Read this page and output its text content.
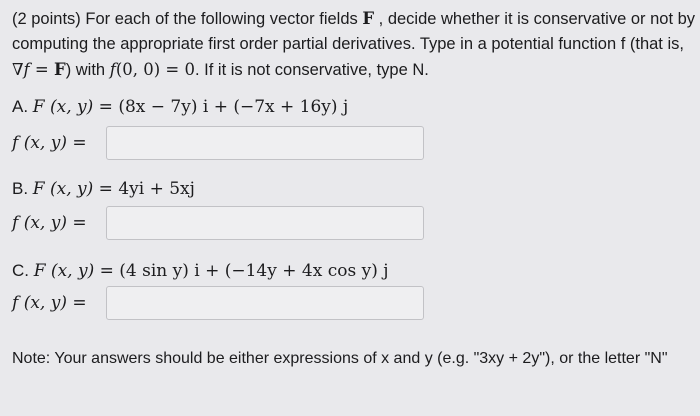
(2 points) For each of the following vector fields F , decide whether it is conservative or not by computing the appropriate first order partial derivatives. Type in a potential function f (that is, ∇f = F) with f(0, 0) = 0. If it is not conservative, type N.
A. F (x, y) = (8x − 7y) i + (−7x + 16y) j
f (x, y) =
B. F (x, y) = 4yi + 5xj
f (x, y) =
C. F (x, y) = (4 sin y) i + (−14y + 4x cos y) j
f (x, y) =
Note: Your answers should be either expressions of x and y (e.g. "3xy + 2y"), or the letter "N"
